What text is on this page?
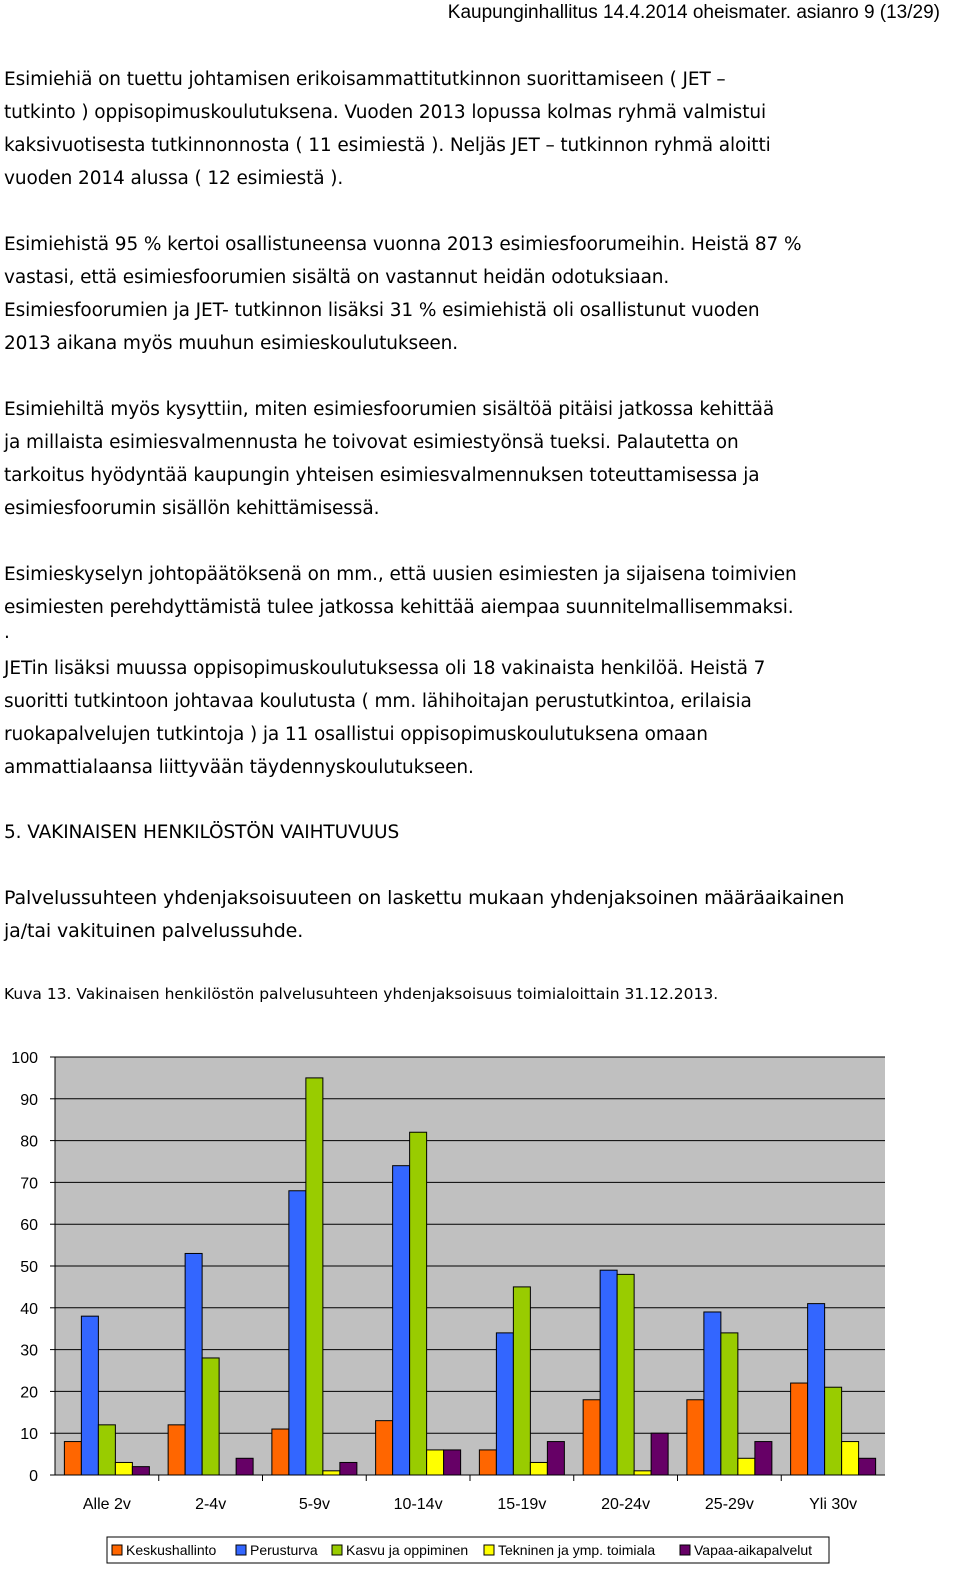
Kaupunginhallitus 14.4.2014 oheismater. asianro 9 (13/29)
Esimiehiä on tuettu johtamisen erikoisammattitutkinnon suorittamiseen ( JET –
tutkinto ) oppisopimuskoulutuksena. Vuoden 2013 lopussa kolmas ryhmä valmistui
kaksivuotisesta tutkinnonnosta ( 11 esimiestä ). Neljäs JET – tutkinnon ryhmä aloitti
vuoden 2014 alussa ( 12 esimiestä ).
Esimiehistä 95 % kertoi osallistuneensa vuonna 2013 esimiesfoorumeihin. Heistä 87 %
vastasi, että esimiesfoorumien sisältä on vastannut heidän odotuksiaan.
Esimiesfoorumien ja JET- tutkinnon lisäksi 31 % esimiehistä oli osallistunut vuoden
2013 aikana myös muuhun esimieskoulutukseen.
Esimiehiltä myös kysyttiin, miten esimiesfoorumien sisältöä pitäisi jatkossa kehittää
ja millaista esimiesvalmennusta he toivovat esimiestyönsä tueksi. Palautetta on
tarkoitus hyödyntää kaupungin yhteisen esimiesvalmennuksen toteuttamisessa ja
esimiesfoorumin sisällön kehittämisessä.
Esimieskyselyn johtopäätöksenä on mm., että uusien esimiesten ja sijaisena toimivien
esimiesten perehdyttämistä tulee jatkossa kehittää aiempaa suunnitelmallisemmaksi.
.
JETin lisäksi muussa oppisopimuskoulutuksessa oli 18 vakinaista henkilöä. Heistä 7
suoritti tutkintoon johtavaa koulutusta ( mm. lähihoitajan perustutkintoa, erilaisia
ruokapalvelujen tutkintoja ) ja 11 osallistui oppisopimuskoulutuksena omaan
ammattialaansa liittyvään täydennyskoulutukseen.
5. VAKINAISEN HENKILÖSTÖN VAIHTUVUUS
Palvelussuhteen yhdenjaksoisuuteen on laskettu mukaan yhdenjaksoinen määräaikainen
ja/tai vakituinen palvelussuhde.
Kuva 13. Vakinaisen henkilöstön palvelusuhteen yhdenjaksoisuus toimialoittain 31.12.2013.
0
10
20
30
40
50
60
70
80
90
100
Alle 2v	2-4v	5-9v	10-14v	15-19v	20-24v	25-29v	Yli 30v
Keskushallinto Perusturva Kasvu ja oppiminen Tekninen ja ymp. toimiala	Vapaa-aikapalvelut
